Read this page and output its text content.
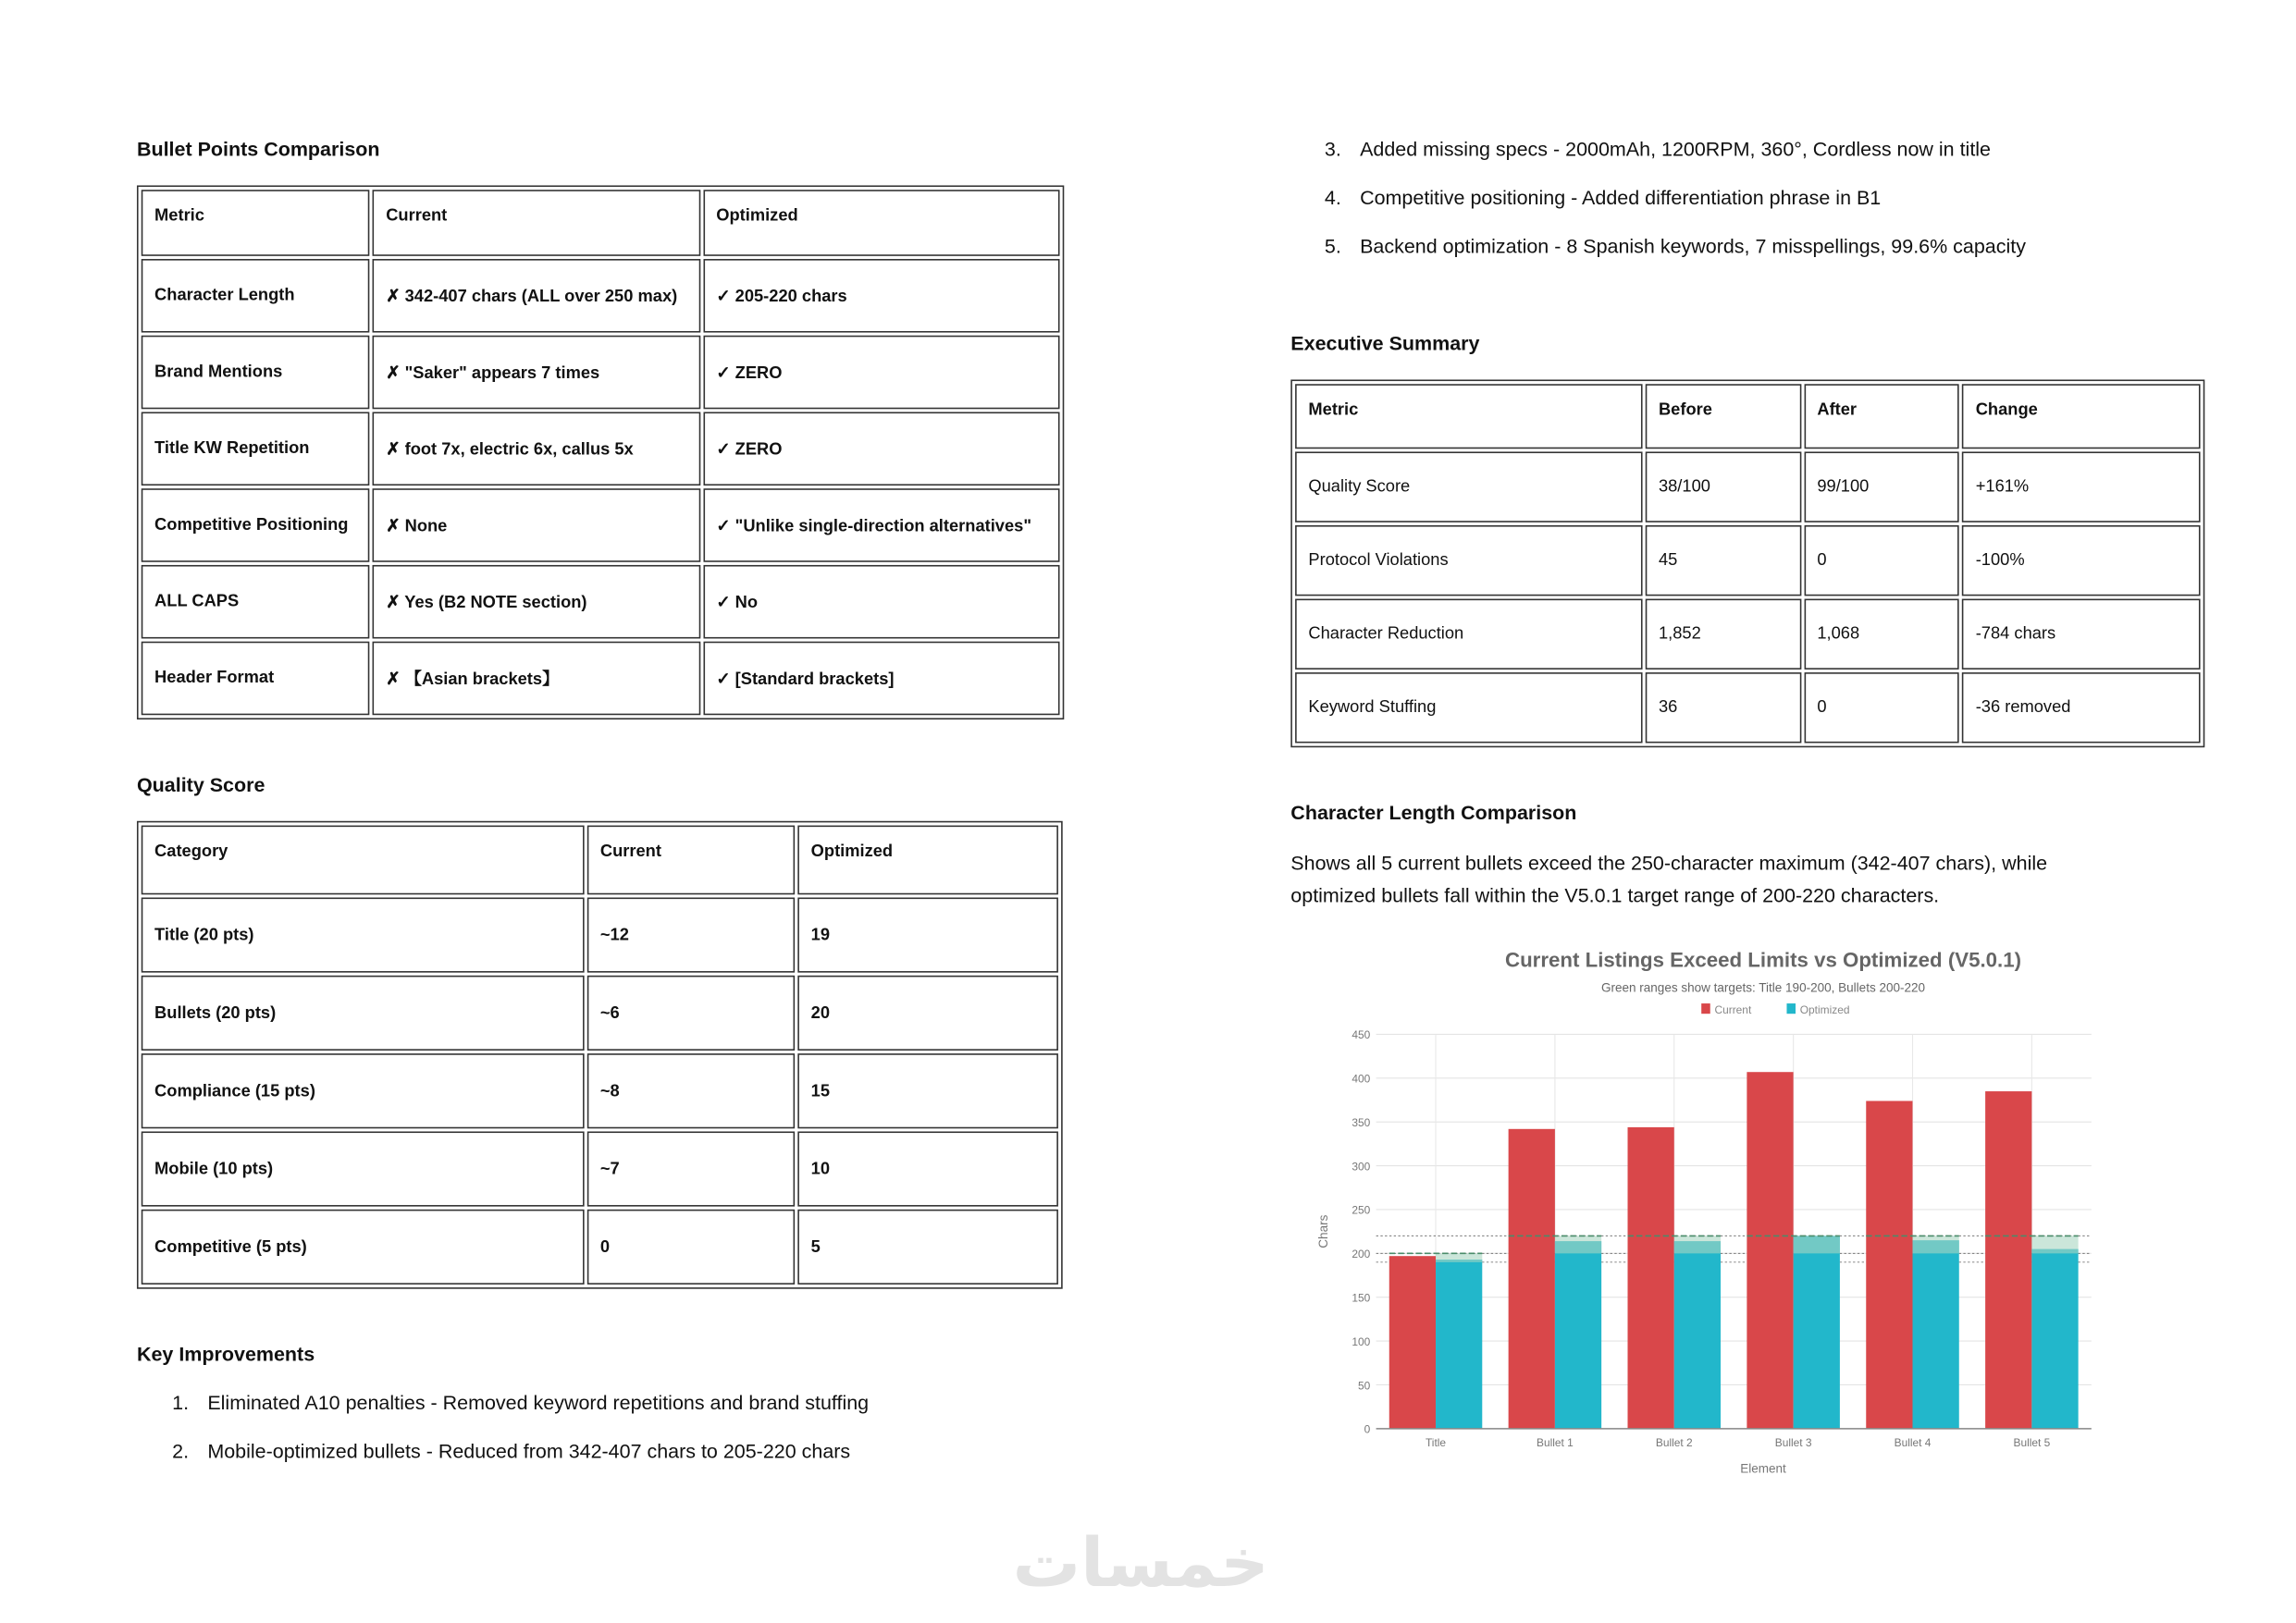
Bullet Points Comparison
Metric	Current	Optimized
Character Length	✗ 342-407 chars (ALL over 250 max)	✓ 205-220 chars
Brand Mentions	✗ "Saker" appears 7 times	✓ ZERO
Title KW Repetition	✗ foot 7x, electric 6x, callus 5x	✓ ZERO
Competitive Positioning	✗ None	✓ "Unlike single-direction alternatives"
ALL CAPS	✗ Yes (B2 NOTE section)	✓ No
Header Format	✗ 【Asian brackets】	✓ [Standard brackets]
Quality Score
Category	Current	Optimized
Title (20 pts)	~12	19
Bullets (20 pts)	~6	20
Compliance (15 pts)	~8	15
Mobile (10 pts)	~7	10
Competitive (5 pts)	0	5
Key Improvements
1. Eliminated A10 penalties - Removed keyword repetitions and brand stuffing
2. Mobile-optimized bullets - Reduced from 342-407 chars to 205-220 chars
3. Added missing specs - 2000mAh, 1200RPM, 360°, Cordless now in title
4. Competitive positioning - Added differentiation phrase in B1
5. Backend optimization - 8 Spanish keywords, 7 misspellings, 99.6% capacity
Executive Summary
Metric	Before	After	Change
Quality Score	38/100	99/100	+161%
Protocol Violations	45	0	-100%
Character Reduction	1,852	1,068	-784 chars
Keyword Stuffing	36	0	-36 removed
Character Length Comparison
Shows all 5 current bullets exceed the 250-character maximum (342-407 chars), while
optimized bullets fall within the V5.0.1 target range of 200-220 characters.
Current Listings Exceed Limits vs Optimized (V5.0.1)
Green ranges show targets: Title 190-200, Bullets 200-220
Current	Optimized
0
50
100
150
200
250
300
350
400
450
Title	Bullet 1	Bullet 2	Bullet 3	Bullet 4	Bullet 5
Element
Chars
خمسات
